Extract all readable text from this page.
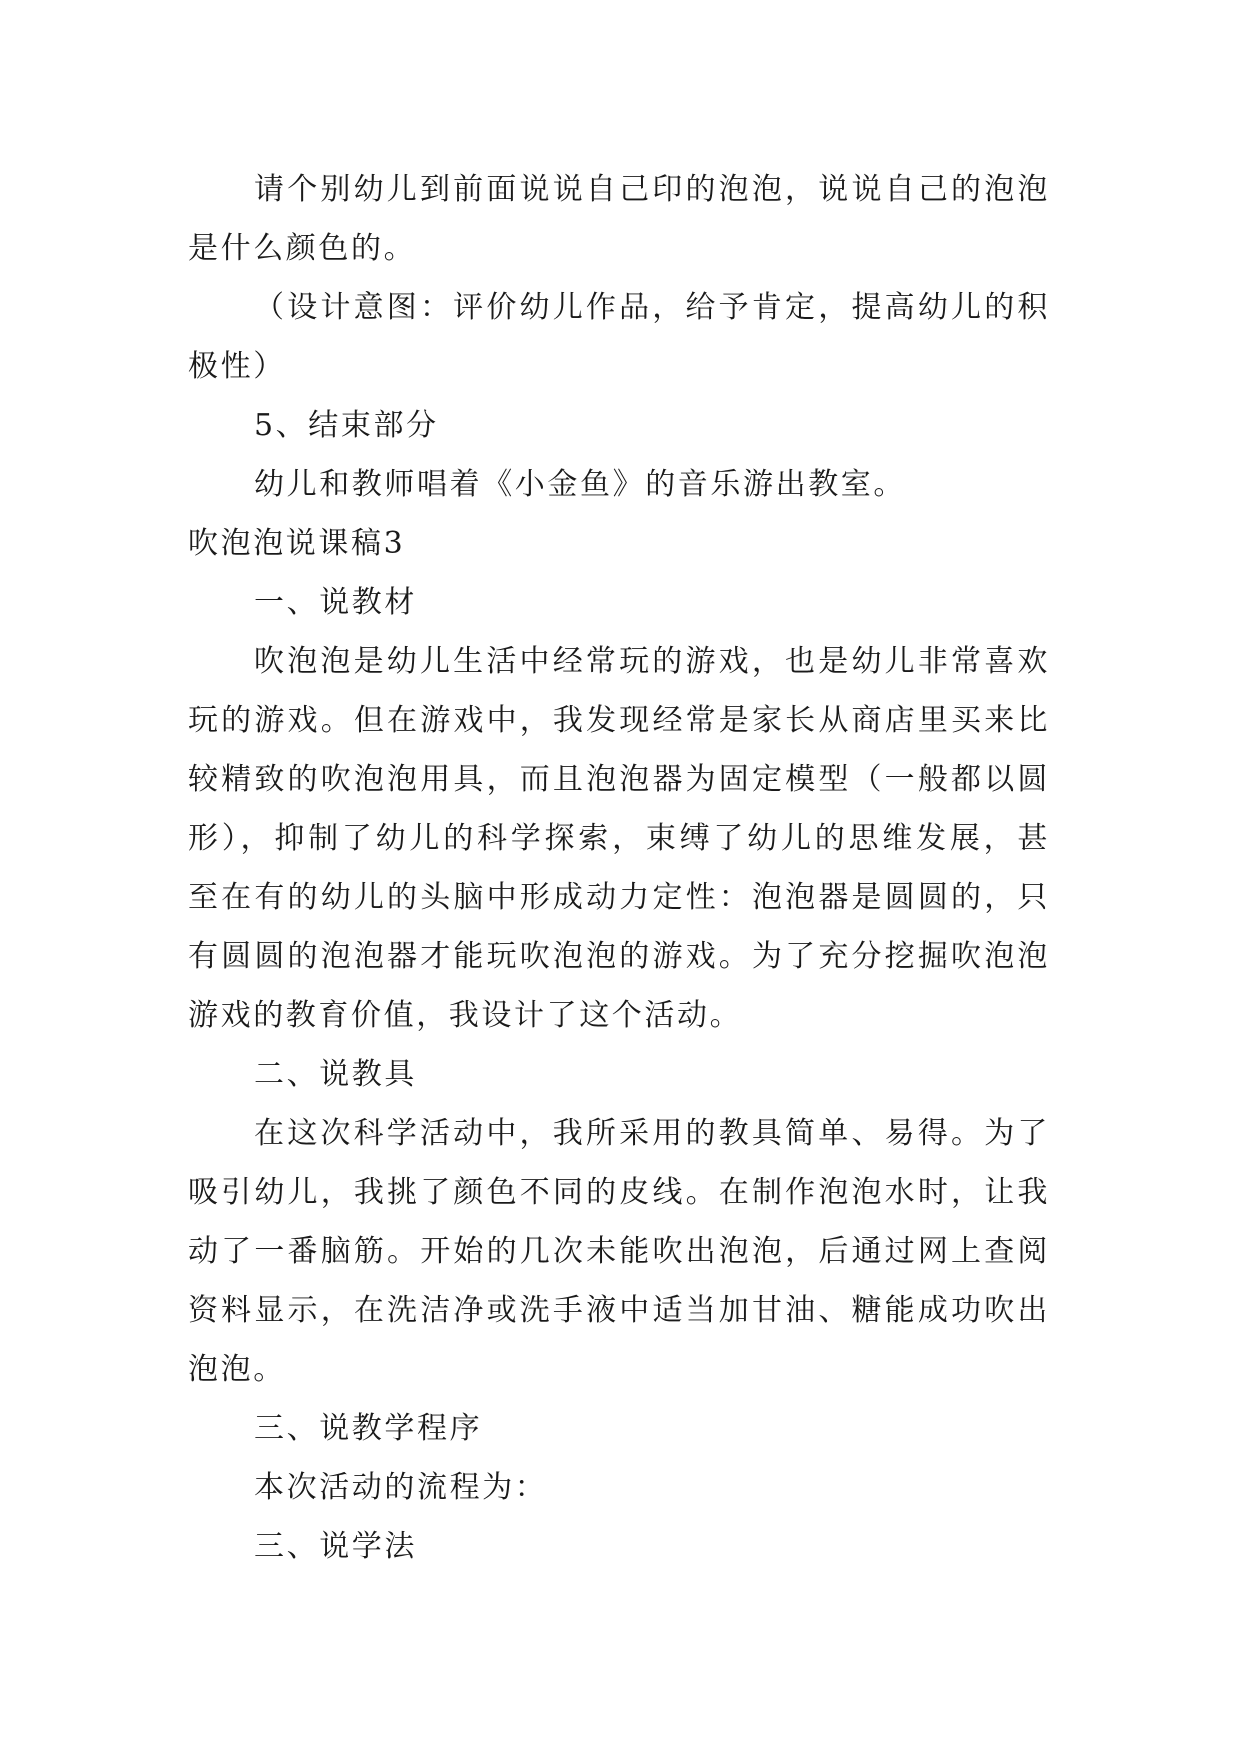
请个别幼儿到前面说说自己印的泡泡，说说自己的泡泡是什么颜色的。

（设计意图：评价幼儿作品，给予肯定，提高幼儿的积极性）

5、结束部分

幼儿和教师唱着《小金鱼》的音乐游出教室。

吹泡泡说课稿3

一、说教材

吹泡泡是幼儿生活中经常玩的游戏，也是幼儿非常喜欢玩的游戏。但在游戏中，我发现经常是家长从商店里买来比较精致的吹泡泡用具，而且泡泡器为固定模型（一般都以圆形），抑制了幼儿的科学探索，束缚了幼儿的思维发展，甚至在有的幼儿的头脑中形成动力定性：泡泡器是圆圆的，只有圆圆的泡泡器才能玩吹泡泡的游戏。为了充分挖掘吹泡泡游戏的教育价值，我设计了这个活动。

二、说教具

在这次科学活动中，我所采用的教具简单、易得。为了吸引幼儿，我挑了颜色不同的皮线。在制作泡泡水时，让我动了一番脑筋。开始的几次未能吹出泡泡，后通过网上查阅资料显示，在洗洁净或洗手液中适当加甘油、糖能成功吹出泡泡。

三、说教学程序

本次活动的流程为：

三、说学法
